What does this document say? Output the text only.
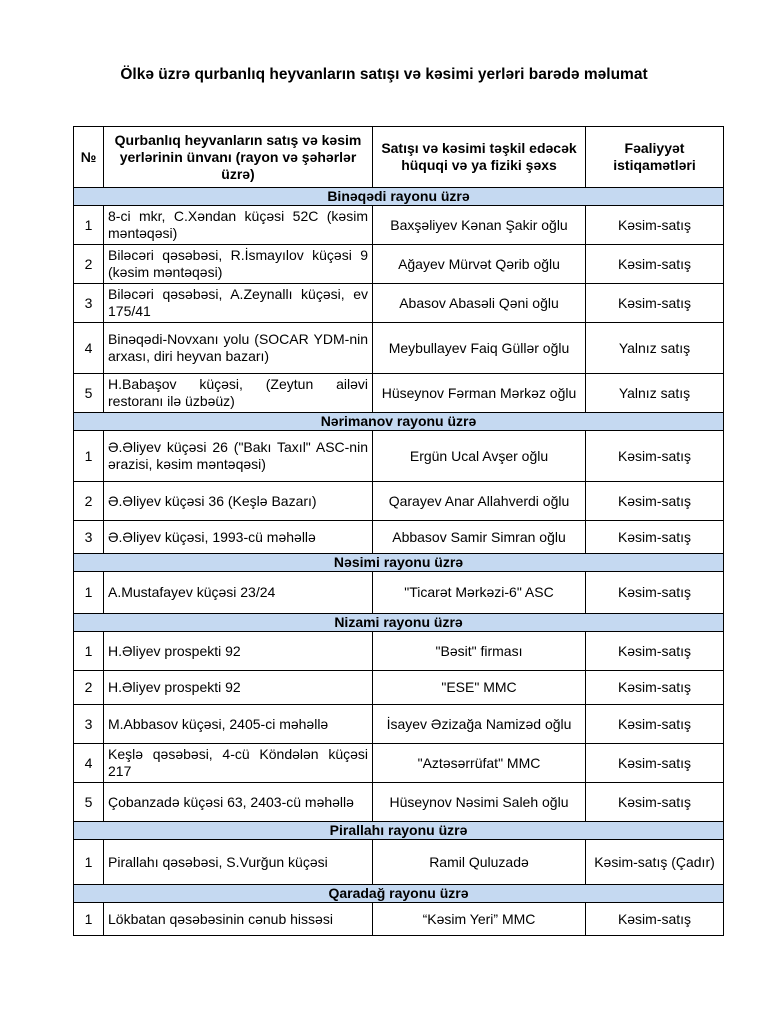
Ölkə üzrə qurbanlıq heyvanların satışı və kəsimi yerləri barədə məlumat
№	Qurbanlıq heyvanların satış və kəsim yerlərinin ünvanı (rayon və şəhərlər üzrə)	Satışı və kəsimi təşkil edəcək hüquqi və ya fiziki şəxs	Fəaliyyət istiqamətləri
Binəqədi rayonu üzrə			
1	8-ci mkr, C.Xəndan küçəsi 52C (kəsim məntəqəsi)	Baxşəliyev Kənan Şakir oğlu	Kəsim-satış
2	Biləcəri qəsəbəsi, R.İsmayılov küçəsi 9 (kəsim məntəqəsi)	Ağayev Mürvət Qərib oğlu	Kəsim-satış
3	Biləcəri qəsəbəsi, A.Zeynallı küçəsi, ev 175/41	Abasov Abasəli Qəni oğlu	Kəsim-satış
4	Binəqədi-Novxanı yolu (SOCAR YDM-nin arxası, diri heyvan bazarı)	Meybullayev Faiq Güllər oğlu	Yalnız satış
5	H.Babaşov küçəsi, (Zeytun ailəvi restoranı ilə üzbəüz)	Hüseynov Fərman Mərkəz oğlu	Yalnız satış
Nərimanov rayonu üzrə			
1	Ə.Əliyev küçəsi 26 ("Bakı Taxıl" ASC-nin ərazisi, kəsim məntəqəsi)	Ergün Ucal Avşer oğlu	Kəsim-satış
2	Ə.Əliyev küçəsi 36 (Keşlə Bazarı)	Qarayev Anar Allahverdi oğlu	Kəsim-satış
3	Ə.Əliyev küçəsi, 1993-cü məhəllə	Abbasov Samir Simran oğlu	Kəsim-satış
Nəsimi rayonu üzrə			
1	A.Mustafayev küçəsi 23/24	"Ticarət Mərkəzi-6" ASC	Kəsim-satış
Nizami rayonu üzrə			
1	H.Əliyev prospekti 92	"Bəsit" firması	Kəsim-satış
2	H.Əliyev prospekti 92	"ESE" MMC	Kəsim-satış
3	M.Abbasov küçəsi, 2405-ci məhəllə	İsayev Əzizağa Namizəd oğlu	Kəsim-satış
4	Keşlə qəsəbəsi, 4-cü Köndələn küçəsi 217	"Aztəsərrüfat" MMC	Kəsim-satış
5	Çobanzadə küçəsi 63, 2403-cü məhəllə	Hüseynov Nəsimi Saleh oğlu	Kəsim-satış
Pirallahı rayonu üzrə			
1	Pirallahı qəsəbəsi, S.Vurğun küçəsi	Ramil Quluzadə	Kəsim-satış (Çadır)
Qaradağ rayonu üzrə			
1	Lökbatan qəsəbəsinin cənub hissəsi	“Kəsim Yeri” MMC	Kəsim-satış
